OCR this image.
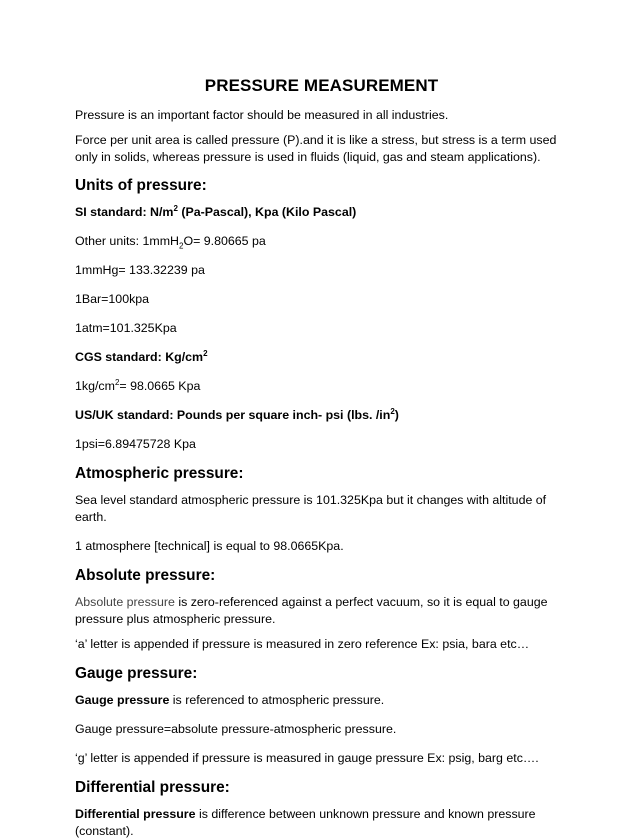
PRESSURE MEASUREMENT

Pressure is an important factor should be measured in all industries.

Force per unit area is called pressure (P).and it is like a stress, but stress is a term used only in solids, whereas pressure is used in fluids (liquid, gas and steam applications).

Units of pressure:

SI standard: $N/m^2$ (Pa-Pascal), Kpa (Kilo Pascal)

Other units: 1mmH$_2$O= 9.80665 pa

1mmHg= 133.32239 pa

1Bar=100kpa

1atm=101.325Kpa

CGS standard: $Kg/cm^2$

$1kg/cm^2= 98.0665$ Kpa

US/UK standard: Pounds per square inch- psi (lbs. $/in^2$)

1psi=6.89475728 Kpa

Atmospheric pressure:

Sea level standard atmospheric pressure is 101.325Kpa but it changes with altitude of earth.

1 atmosphere [technical] is equal to 98.0665Kpa.

Absolute pressure:

Absolute pressure is zero-referenced against a perfect vacuum, so it is equal to gauge pressure plus atmospheric pressure.

‘a’ letter is appended if pressure is measured in zero reference Ex: psia, bara etc…

Gauge pressure:

Gauge pressure is referenced to atmospheric pressure.

Gauge pressure=absolute pressure-atmospheric pressure.

‘g’ letter is appended if pressure is measured in gauge pressure Ex: psig, barg etc….

Differential pressure:

Differential pressure is difference between unknown pressure and known pressure (constant).
